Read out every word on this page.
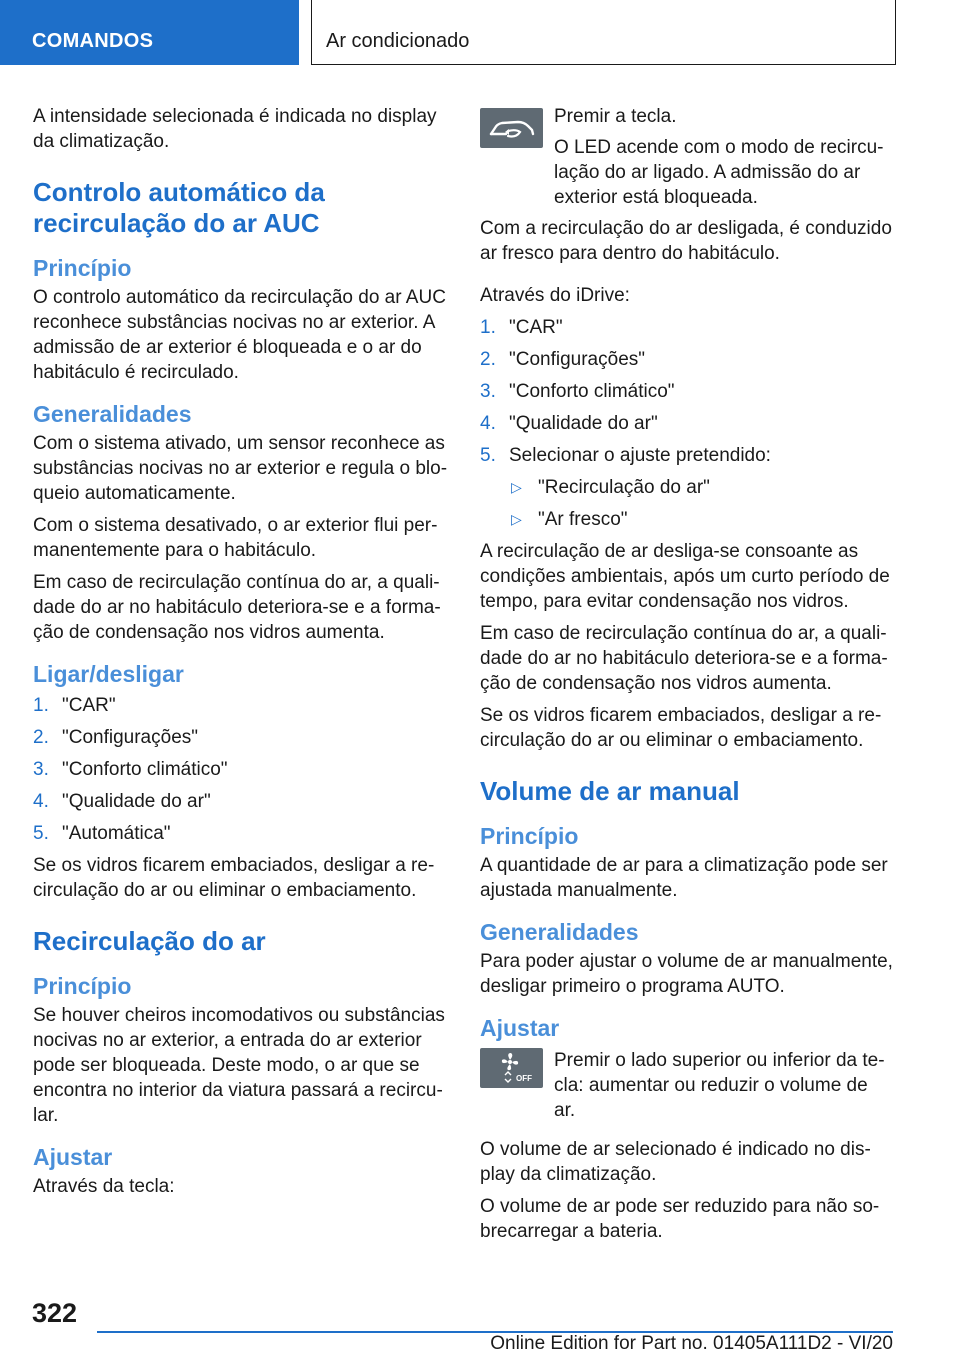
COMANDOS	Ar condicionado

A intensidade selecionada é indicada no display da climatização.

Controlo automático da recirculação do ar AUC
Princípio

O controlo automático da recirculação do ar AUC reconhece substâncias nocivas no ar exterior. A admissão de ar exterior é bloqueada e o ar do habitáculo é recirculado.

Generalidades

Com o sistema ativado, um sensor reconhece as substâncias nocivas no ar exterior e regula o bloqueio automaticamente.

Com o sistema desativado, o ar exterior flui permanentemente para o habitáculo.

Em caso de recirculação contínua do ar, a qualidade do ar no habitáculo deteriora-se e a formação de condensação nos vidros aumenta.

Ligar/desligar
1. "CAR"
2. "Configurações"
3. "Conforto climático"
4. "Qualidade do ar"
5. "Automática"

Se os vidros ficarem embaciados, desligar a recirculação do ar ou eliminar o embaciamento.

Recirculação do ar
Princípio

Se houver cheiros incomodativos ou substâncias nocivas no ar exterior, a entrada do ar exterior pode ser bloqueada. Deste modo, o ar que se encontra no interior da viatura passará a recircular.

Ajustar

Através da tecla:

Premir a tecla.

O LED acende com o modo de recirculação do ar ligado. A admissão do ar exterior está bloqueada.

Com a recirculação do ar desligada, é conduzido ar fresco para dentro do habitáculo.

Através do iDrive:

1. "CAR"
2. "Configurações"
3. "Conforto climático"
4. "Qualidade do ar"
5. Selecionar o ajuste pretendido:
▷ "Recirculação do ar"
▷ "Ar fresco"

A recirculação de ar desliga-se consoante as condições ambientais, após um curto período de tempo, para evitar condensação nos vidros.

Em caso de recirculação contínua do ar, a qualidade do ar no habitáculo deteriora-se e a formação de condensação nos vidros aumenta.

Se os vidros ficarem embaciados, desligar a recirculação do ar ou eliminar o embaciamento.

Volume de ar manual
Princípio

A quantidade de ar para a climatização pode ser ajustada manualmente.

Generalidades

Para poder ajustar o volume de ar manualmente, desligar primeiro o programa AUTO.

Ajustar
OFF

Premir o lado superior ou inferior da tecla: aumentar ou reduzir o volume de ar.

O volume de ar selecionado é indicado no display da climatização.

O volume de ar pode ser reduzido para não sobrecarregar a bateria.

322
Online Edition for Part no. 01405A111D2 - VI/20
